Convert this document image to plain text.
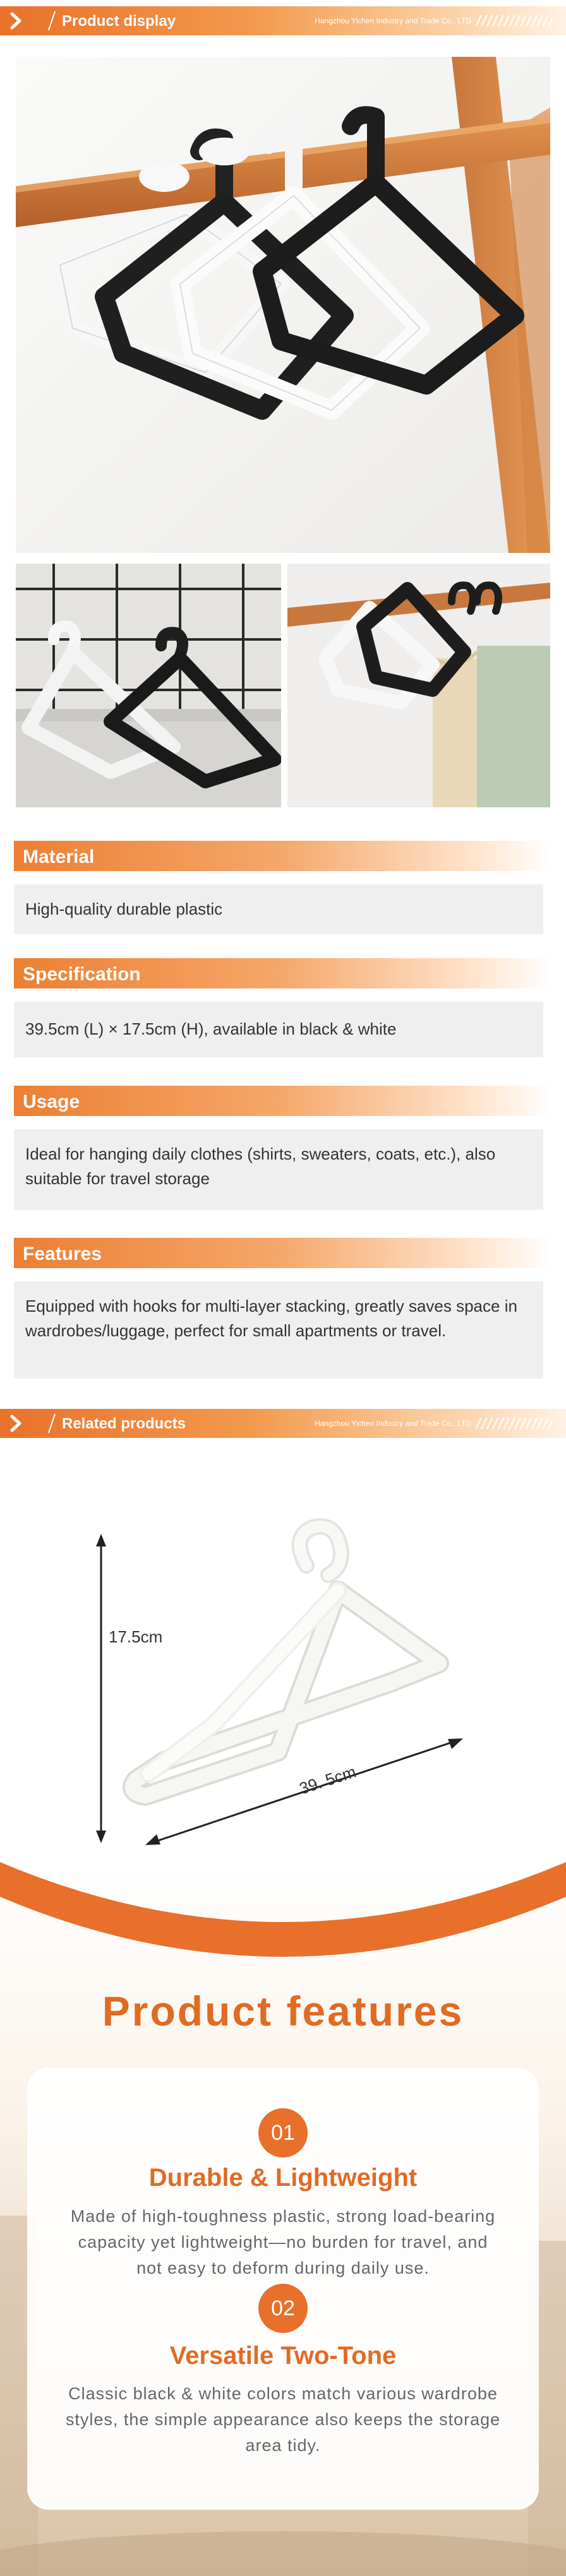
Product display	Hangzhou Yichen Industry and Trade Co., LTD
Material
High-quality durable plastic
Specification
39.5cm (L) × 17.5cm (H), available in black & white
Usage
Ideal for hanging daily clothes (shirts, sweaters, coats, etc.), also suitable for travel storage
Features
Equipped with hooks for multi-layer stacking, greatly saves space in wardrobes/luggage, perfect for small apartments or travel.
Related products	Hangzhou Yichen Industry and Trade Co., LTD
17.5cm
39. 5cm
Product features
01
Durable & Lightweight
Made of high-toughness plastic, strong load-bearing capacity yet lightweight—no burden for travel, and not easy to deform during daily use.
02
Versatile Two-Tone
Classic black & white colors match various wardrobe styles, the simple appearance also keeps the storage area tidy.
